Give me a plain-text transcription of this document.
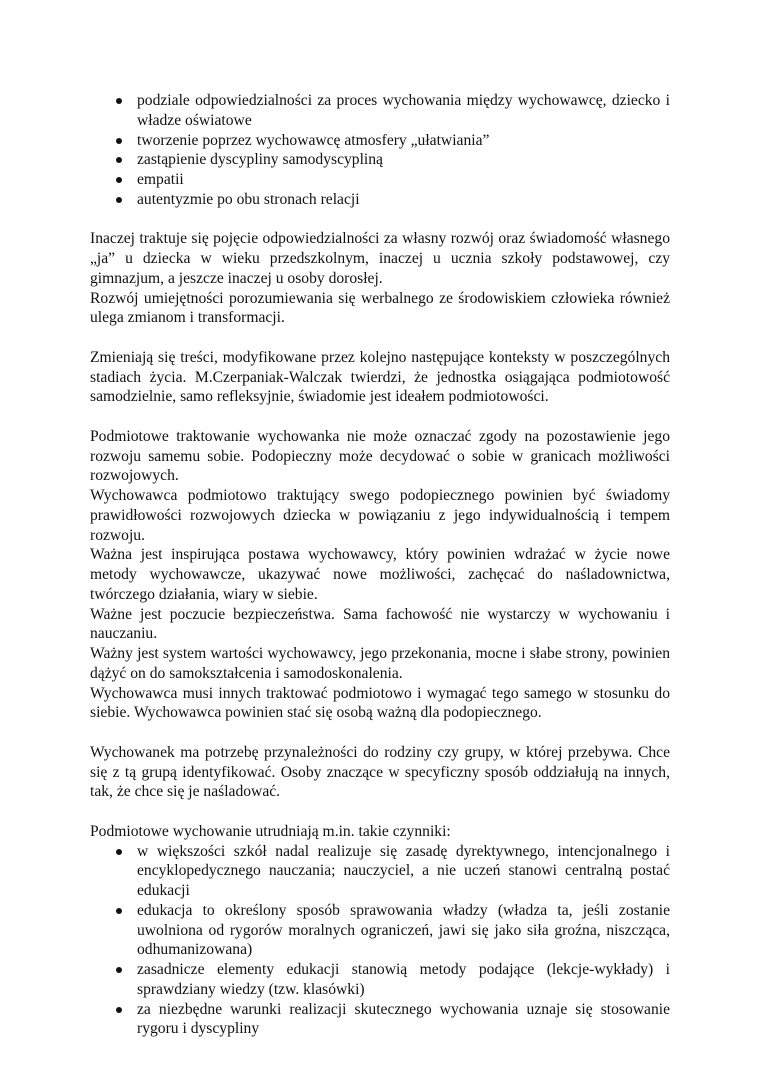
podziale odpowiedzialności za proces wychowania między wychowawcę, dziecko i władze oświatowe
tworzenie poprzez wychowawcę atmosfery „ułatwiania”
zastąpienie dyscypliny samodyscypliną
empatii
autentyzmie po obu stronach relacji

Inaczej traktuje się pojęcie odpowiedzialności za własny rozwój oraz świadomość własnego „ja” u dziecka w wieku przedszkolnym, inaczej u ucznia szkoły podstawowej, czy gimnazjum, a jeszcze inaczej u osoby dorosłej.

Rozwój umiejętności porozumiewania się werbalnego ze środowiskiem człowieka również ulega zmianom i transformacji.

Zmieniają się treści, modyfikowane przez kolejno następujące konteksty w poszczególnych stadiach życia. M.Czerpaniak-Walczak twierdzi, że jednostka osiągająca podmiotowość samodzielnie, samo refleksyjnie, świadomie jest ideałem podmiotowości.

Podmiotowe traktowanie wychowanka nie może oznaczać zgody na pozostawienie jego rozwoju samemu sobie. Podopieczny może decydować o sobie w granicach możliwości rozwojowych.

Wychowawca podmiotowo traktujący swego podopiecznego powinien być świadomy prawidłowości rozwojowych dziecka w powiązaniu z jego indywidualnością i tempem rozwoju.

Ważna jest inspirująca postawa wychowawcy, który powinien wdrażać w życie nowe metody wychowawcze, ukazywać nowe możliwości, zachęcać do naśladownictwa, twórczego działania, wiary w siebie.

Ważne jest poczucie bezpieczeństwa. Sama fachowość nie wystarczy w wychowaniu i nauczaniu.

Ważny jest system wartości wychowawcy, jego przekonania, mocne i słabe strony, powinien dążyć on do samokształcenia i samodoskonalenia.

Wychowawca musi innych traktować podmiotowo i wymagać tego samego w stosunku do siebie. Wychowawca powinien stać się osobą ważną dla podopiecznego.

Wychowanek ma potrzebę przynależności do rodziny czy grupy, w której przebywa. Chce się z tą grupą identyfikować. Osoby znaczące w specyficzny sposób oddziałują na innych, tak, że chce się je naśladować.

Podmiotowe wychowanie utrudniają m.in. takie czynniki:

w większości szkół nadal realizuje się zasadę dyrektywnego, intencjonalnego i encyklopedycznego nauczania; nauczyciel, a nie uczeń stanowi centralną postać edukacji
edukacja to określony sposób sprawowania władzy (władza ta, jeśli zostanie uwolniona od rygorów moralnych ograniczeń, jawi się jako siła groźna, niszcząca, odhumanizowana)
zasadnicze elementy edukacji stanowią metody podające (lekcje-wykłady) i sprawdziany wiedzy (tzw. klasówki)
za niezbędne warunki realizacji skutecznego wychowania uznaje się stosowanie rygoru i dyscypliny
